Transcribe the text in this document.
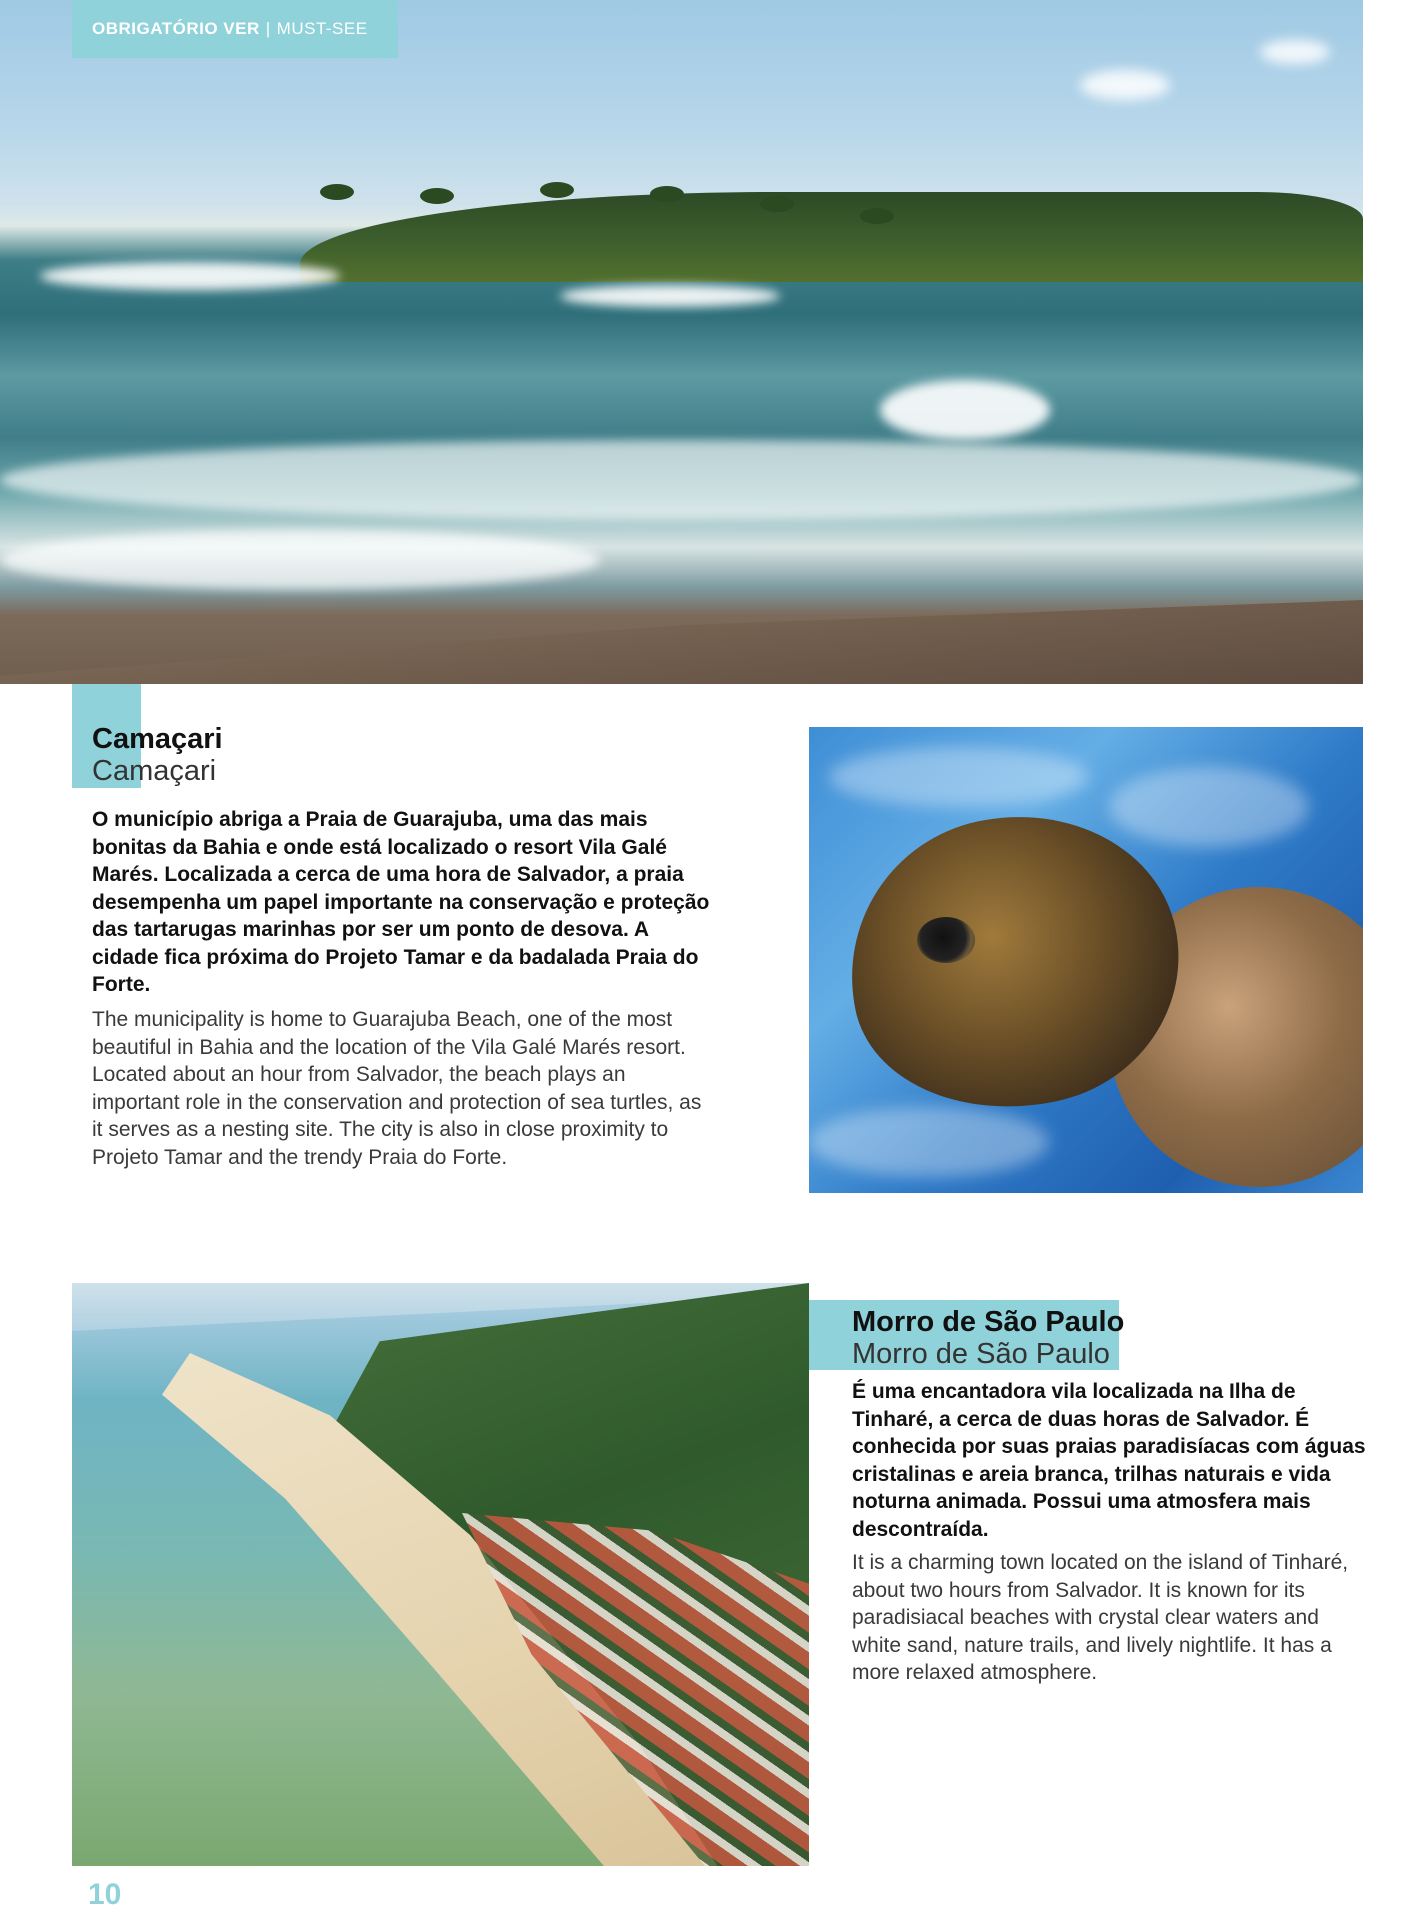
OBRIGATÓRIO VER | MUST-SEE
Camaçari
Camaçari
O município abriga a Praia de Guarajuba, uma das mais bonitas da Bahia e onde está localizado o resort Vila Galé Marés. Localizada a cerca de uma hora de Salvador, a praia desempenha um papel importante na conservação e proteção das tartarugas marinhas por ser um ponto de desova. A cidade fica próxima do Projeto Tamar e da badalada Praia do Forte.
The municipality is home to Guarajuba Beach, one of the most beautiful in Bahia and the location of the Vila Galé Marés resort. Located about an hour from Salvador, the beach plays an important role in the conservation and protection of sea turtles, as it serves as a nesting site. The city is also in close proximity to Projeto Tamar and the trendy Praia do Forte.
Morro de São Paulo
Morro de São Paulo
É uma encantadora vila localizada na Ilha de Tinharé, a cerca de duas horas de Salvador. É conhecida por suas praias paradisíacas com águas cristalinas e areia branca, trilhas naturais e vida noturna animada. Possui uma atmosfera mais descontraída.
It is a charming town located on the island of Tinharé, about two hours from Salvador. It is known for its paradisiacal beaches with crystal clear waters and white sand, nature trails, and lively nightlife. It has a more relaxed atmosphere.
10
